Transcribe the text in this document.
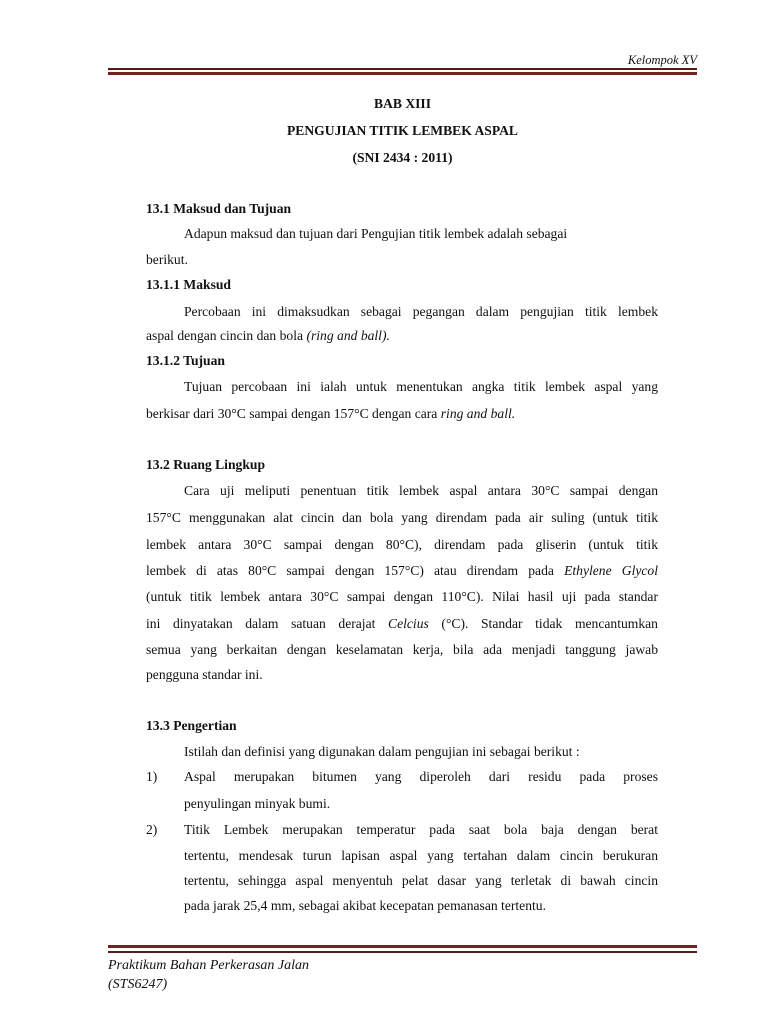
Kelompok XV
BAB XIII
PENGUJIAN TITIK LEMBEK ASPAL
(SNI 2434 : 2011)
13.1 Maksud dan Tujuan
Adapun maksud dan tujuan dari Pengujian titik lembek adalah sebagai
berikut.
13.1.1 Maksud
Percobaan ini dimaksudkan sebagai pegangan dalam pengujian titik lembek
aspal dengan cincin dan bola (ring and ball).
13.1.2 Tujuan
Tujuan percobaan ini ialah untuk menentukan angka titik lembek aspal yang
berkisar dari 30°C sampai dengan 157°C dengan cara ring and ball.
13.2 Ruang Lingkup
Cara uji meliputi penentuan titik lembek aspal antara 30°C sampai dengan
157°C menggunakan alat cincin dan bola yang direndam pada air suling (untuk titik
lembek antara 30°C sampai dengan 80°C), direndam pada gliserin (untuk titik
lembek di atas 80°C sampai dengan 157°C) atau direndam pada Ethylene Glycol
(untuk titik lembek antara 30°C sampai dengan 110°C). Nilai hasil uji pada standar
ini dinyatakan dalam satuan derajat Celcius (°C). Standar tidak mencantumkan
semua yang berkaitan dengan keselamatan kerja, bila ada menjadi tanggung jawab
pengguna standar ini.
13.3 Pengertian
Istilah dan definisi yang digunakan dalam pengujian ini sebagai berikut :
1) Aspal merupakan bitumen yang diperoleh dari residu pada proses
penyulingan minyak bumi.
2) Titik Lembek merupakan temperatur pada saat bola baja dengan berat
tertentu, mendesak turun lapisan aspal yang tertahan dalam cincin berukuran
tertentu, sehingga aspal menyentuh pelat dasar yang terletak di bawah cincin
pada jarak 25,4 mm, sebagai akibat kecepatan pemanasan tertentu.
Praktikum Bahan Perkerasan Jalan
(STS6247)
